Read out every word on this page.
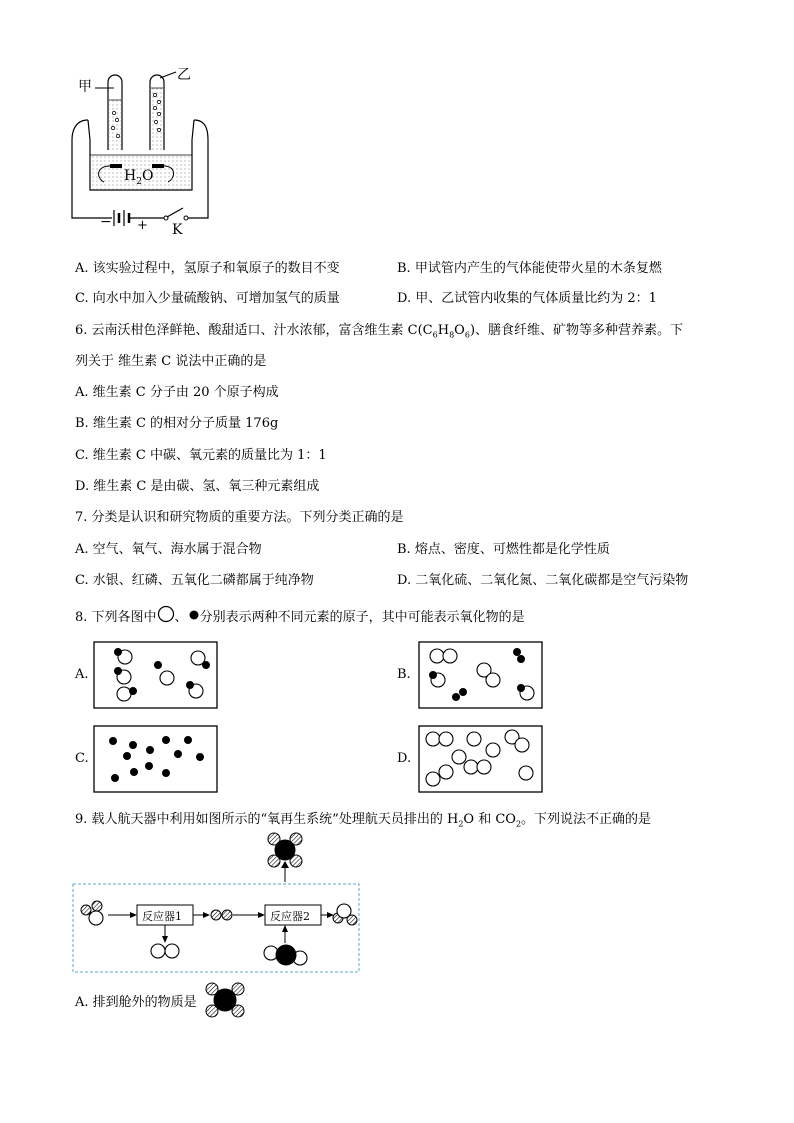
甲
乙
$H_2O$
− + K
A. 该实验过程中，氢原子和氧原子的数目不变	B. 甲试管内产生的气体能使带火星的木条复燃
C. 向水中加入少量硫酸钠、可增加氢气的质量	D. 甲、乙试管内收集的气体质量比约为 2：1
6. 云南沃柑色泽鲜艳、酸甜适口、汁水浓郁，富含维生素 $C(C_6H_8O_6)$、膳食纤维、矿物等多种营养素。下
列关于 维生素 C 说法中正确的是
A. 维生素 C 分子由 20 个原子构成
B. 维生素 C 的相对分子质量 176g
C. 维生素 C 中碳、氧元素的质量比为 1：1
D. 维生素 C 是由碳、氢、氧三种元素组成
7. 分类是认识和研究物质的重要方法。下列分类正确的是
A. 空气、氧气、海水属于混合物	B. 熔点、密度、可燃性都是化学性质
C. 水银、红磷、五氧化二磷都属于纯净物	D. 二氧化硫、二氧化氮、二氧化碳都是空气污染物
8. 下列各图中 、 分别表示两种不同元素的原子，其中可能表示氧化物的是
A.	B.
C.	D.
9. 载人航天器中利用如图所示的“氧再生系统”处理航天员排出的 $H_2O$ 和 $CO_2$。下列说法不正确的是
反应器1	反应器2
A. 排到舱外的物质是
